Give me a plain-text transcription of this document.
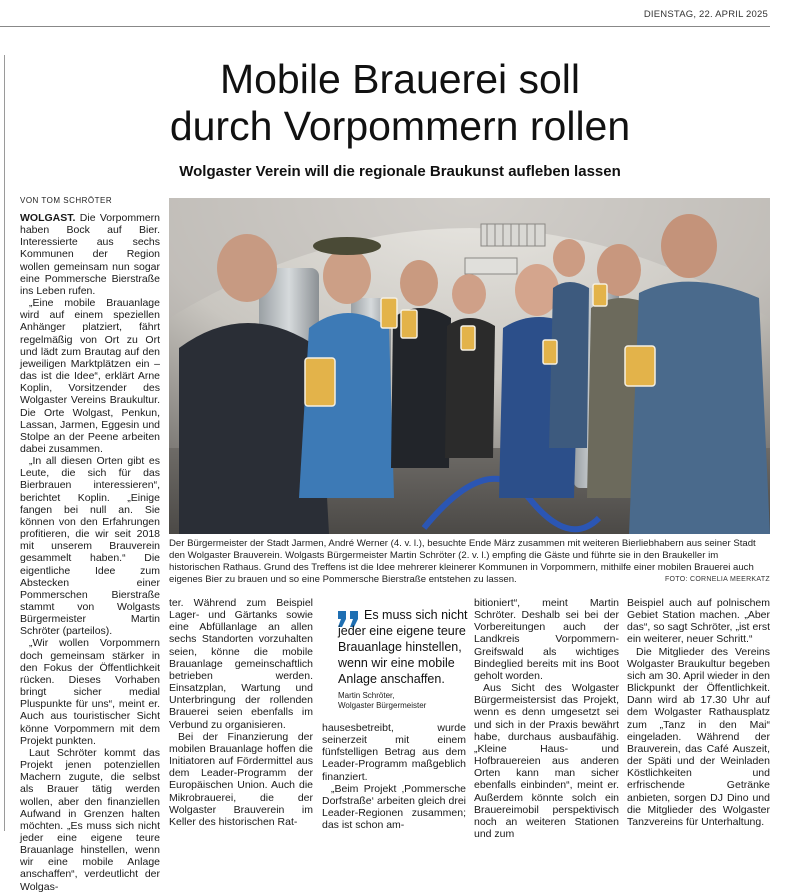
DIENSTAG, 22. APRIL 2025
Mobile Brauerei soll
durch Vorpommern rollen
Wolgaster Verein will die regionale Braukunst aufleben lassen
VON TOM SCHRÖTER

WOLGAST. Die Vorpommern haben Bock auf Bier. Interessierte aus sechs Kommunen der Region wollen gemeinsam nun sogar eine Pommersche Bierstraße ins Leben rufen.

„Eine mobile Brauanlage wird auf einem speziellen Anhänger platziert, fährt regelmäßig von Ort zu Ort und lädt zum Brautag auf den jeweiligen Marktplätzen ein – das ist die Idee“, erklärt Arne Koplin, Vorsitzender des Wolgaster Vereins Braukultur. Die Orte Wolgast, Penkun, Lassan, Jarmen, Eggesin und Stolpe an der Peene arbeiten dabei zusammen.

„In all diesen Orten gibt es Leute, die sich für das Bierbrauen interessieren“, berichtet Koplin. „Einige fangen bei null an. Sie können von den Erfahrungen profitieren, die wir seit 2018 mit unserem Brauverein gesammelt haben.“ Die eigentliche Idee zum Abstecken einer Pommerschen Bierstraße stammt von Wolgasts Bürgermeister Martin Schröter (parteilos).

„Wir wollen Vorpommern doch gemeinsam stärker in den Fokus der Öffentlichkeit rücken. Dieses Vorhaben bringt sicher medial Pluspunkte für uns“, meint er. Auch aus touristischer Sicht könne Vorpommern mit dem Projekt punkten.

Laut Schröter kommt das Projekt jenen potenziellen Machern zugute, die selbst als Brauer tätig werden wollen, aber den finanziellen Aufwand in Grenzen halten möchten. „Es muss sich nicht jeder eine eigene teure Brauanlage hinstellen, wenn wir eine mobile Anlage anschaffen“, verdeutlicht der Wolgas-

Der Bürgermeister der Stadt Jarmen, André Werner (4. v. l.), besuchte Ende März zusammen mit weiteren Bierliebhabern aus seiner Stadt den Wolgaster Brauverein. Wolgasts Bürgermeister Martin Schröter (2. v. l.) empfing die Gäste und führte sie in den Braukeller im historischen Rathaus. Grund des Treffens ist die Idee mehrerer kleinerer Kommunen in Vorpommern, mithilfe einer mobilen Brauerei auch eigenes Bier zu brauen und so eine Pommersche Bierstraße entstehen zu lassen.	FOTO: CORNELIA MEERKATZ

ter. Während zum Beispiel Lager- und Gärtanks sowie eine Abfüllanlage an allen sechs Standorten vorzuhalten seien, könne die mobile Brauanlage gemeinschaftlich betrieben werden. Einsatzplan, Wartung und Unterbringung der rollenden Brauerei seien ebenfalls im Verbund zu organisieren.

Bei der Finanzierung der mobilen Brauanlage hoffen die Initiatoren auf Fördermittel aus dem Leader-Programm der Europäischen Union. Auch die Mikrobrauerei, die der Wolgaster Brauverein im Keller des historischen Rat-

Es muss sich nicht jeder eine eigene teure Brauanlage hinstellen, wenn wir eine mobile Anlage anschaffen.
Martin Schröter,
Wolgaster Bürgermeister

hausesbetreibt, wurde seinerzeit mit einem fünfstelligen Betrag aus dem Leader-Programm maßgeblich finanziert.

„Beim Projekt ‚Pommersche Dorfstraße‘ arbeiten gleich drei Leader-Regionen zusammen; das ist schon am-

bitioniert“, meint Martin Schröter. Deshalb sei bei der Vorbereitungen auch der Landkreis Vorpommern-Greifswald als wichtiges Bindeglied bereits mit ins Boot geholt worden.

Aus Sicht des Wolgaster Bürgermeistersist das Projekt, wenn es denn umgesetzt sei und sich in der Praxis bewährt habe, durchaus ausbaufähig. „Kleine Haus- und Hofbrauereien aus anderen Orten kann man sicher ebenfalls einbinden“, meint er. Außerdem könnte solch ein Brauereimobil perspektivisch noch an weiteren Stationen und zum

Beispiel auch auf polnischem Gebiet Station machen. „Aber das“, so sagt Schröter, „ist erst ein weiterer, neuer Schritt.“

Die Mitglieder des Vereins Wolgaster Braukultur begeben sich am 30. April wieder in den Blickpunkt der Öffentlichkeit. Dann wird ab 17.30 Uhr auf dem Wolgaster Rathausplatz zum „Tanz in den Mai“ eingeladen. Während der Brauverein, das Café Auszeit, der Späti und der Weinladen Köstlichkeiten und erfrischende Getränke anbieten, sorgen DJ Dino und die Mitglieder des Wolgaster Tanzvereins für Unterhaltung.
